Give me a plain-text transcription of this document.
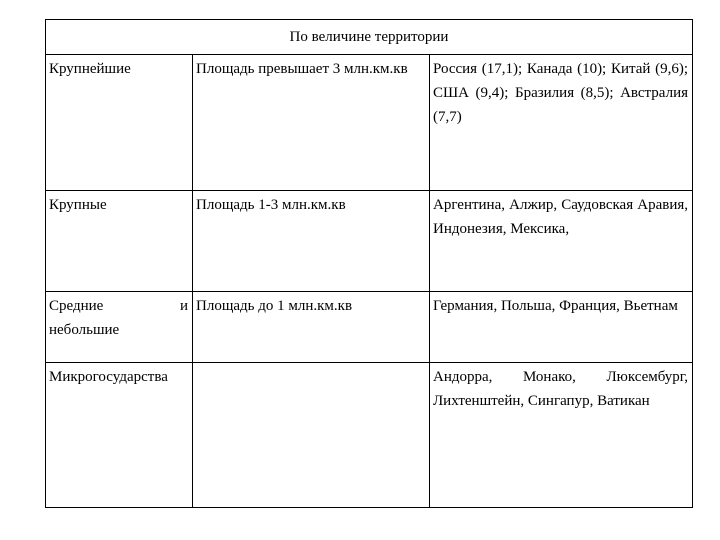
По величине территории		
Крупнейшие	Площадь превышает 3 млн.км.кв	Россия (17,1); Канада (10); Китай (9,6); США (9,4); Бразилия (8,5); Австралия (7,7)
Крупные	Площадь 1-3 млн.км.кв	Аргентина, Алжир, Саудовская Аравия, Индонезия, Мексика,
Средние и небольшие	Площадь до 1 млн.км.кв	Германия, Польша, Франция, Вьетнам
Микрогосударства		Андорра, Монако, Люксембург, Лихтенштейн, Сингапур, Ватикан
